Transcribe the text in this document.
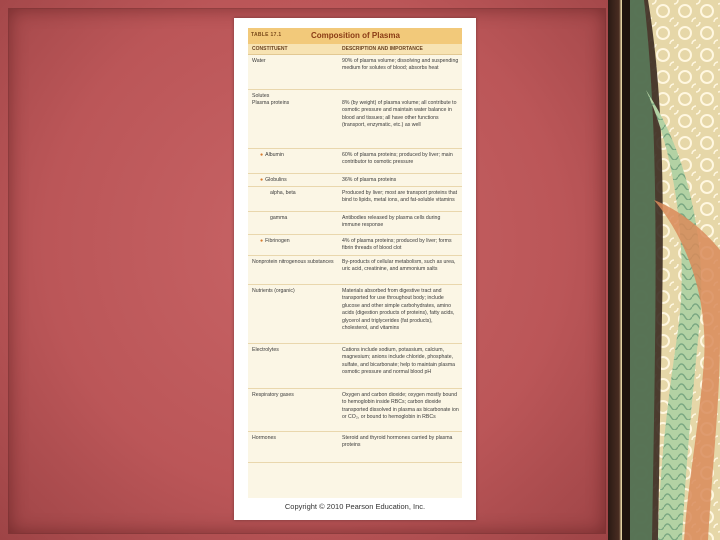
TABLE 17.1	Composition of Plasma
CONSTITUENT	DESCRIPTION AND IMPORTANCE
Water	90% of plasma volume; dissolving and suspending medium for solutes of blood; absorbs heat
Solutes
Plasma proteins	8% (by weight) of plasma volume; all contribute to osmotic pressure and maintain water balance in blood and tissues; all have other functions (transport, enzymatic, etc.) as well
● Albumin	60% of plasma proteins; produced by liver; main contributor to osmotic pressure
● Globulins	36% of plasma proteins
alpha, beta	Produced by liver; most are transport proteins that bind to lipids, metal ions, and fat-soluble vitamins
gamma	Antibodies released by plasma cells during immune response
● Fibrinogen	4% of plasma proteins; produced by liver; forms fibrin threads of blood clot
Nonprotein nitrogenous substances	By-products of cellular metabolism, such as urea, uric acid, creatinine, and ammonium salts
Nutrients (organic)	Materials absorbed from digestive tract and transported for use throughout body; include glucose and other simple carbohydrates, amino acids (digestion products of proteins), fatty acids, glycerol and triglycerides (fat products), cholesterol, and vitamins
Electrolytes	Cations include sodium, potassium, calcium, magnesium; anions include chloride, phosphate, sulfate, and bicarbonate; help to maintain plasma osmotic pressure and normal blood pH
Respiratory gases	Oxygen and carbon dioxide; oxygen mostly bound to hemoglobin inside RBCs; carbon dioxide transported dissolved in plasma as bicarbonate ion or CO₂, or bound to hemoglobin in RBCs
Hormones	Steroid and thyroid hormones carried by plasma proteins
Copyright © 2010 Pearson Education, Inc.
